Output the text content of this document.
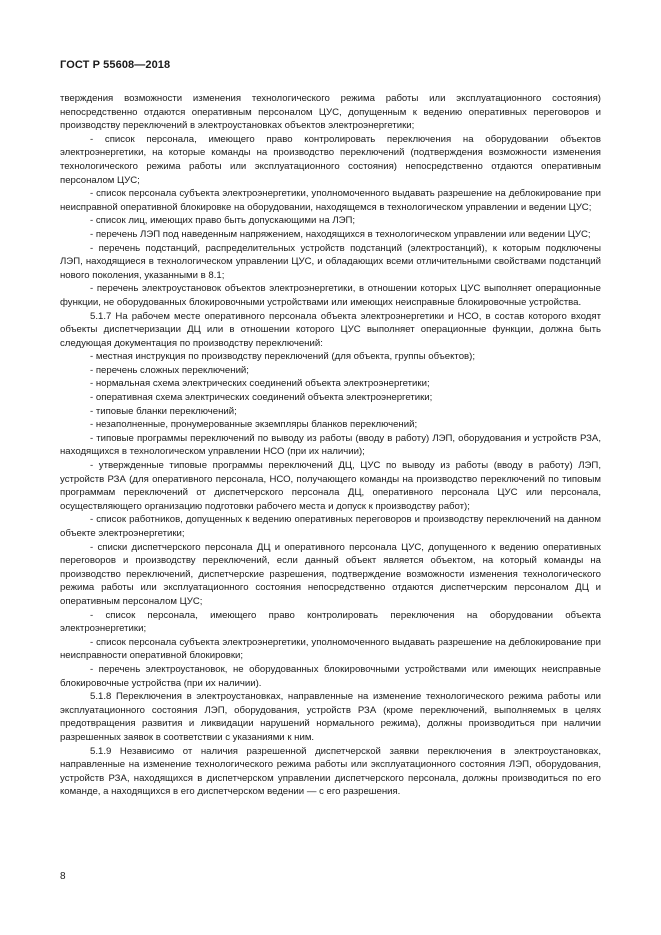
ГОСТ Р 55608—2018

тверждения возможности изменения технологического режима работы или эксплуатационного состояния) непосредственно отдаются оперативным персоналом ЦУС, допущенным к ведению оперативных переговоров и производству переключений в электроустановках объектов электроэнергетики;

- список персонала, имеющего право контролировать переключения на оборудовании объектов электроэнергетики, на которые команды на производство переключений (подтверждения возможности изменения технологического режима работы или эксплуатационного состояния) непосредственно отдаются оперативным персоналом ЦУС;

- список персонала субъекта электроэнергетики, уполномоченного выдавать разрешение на деблокирование при неисправной оперативной блокировке на оборудовании, находящемся в технологическом управлении и ведении ЦУС;

- список лиц, имеющих право быть допускающими на ЛЭП;

- перечень ЛЭП под наведенным напряжением, находящихся в технологическом управлении или ведении ЦУС;

- перечень подстанций, распределительных устройств подстанций (электростанций), к которым подключены ЛЭП, находящиеся в технологическом управлении ЦУС, и обладающих всеми отличительными свойствами подстанций нового поколения, указанными в 8.1;

- перечень электроустановок объектов электроэнергетики, в отношении которых ЦУС выполняет операционные функции, не оборудованных блокировочными устройствами или имеющих неисправные блокировочные устройства.

5.1.7 На рабочем месте оперативного персонала объекта электроэнергетики и НСО, в состав которого входят объекты диспетчеризации ДЦ или в отношении которого ЦУС выполняет операционные функции, должна быть следующая документация по производству переключений:

- местная инструкция по производству переключений (для объекта, группы объектов);

- перечень сложных переключений;

- нормальная схема электрических соединений объекта электроэнергетики;

- оперативная схема электрических соединений объекта электроэнергетики;

- типовые бланки переключений;

- незаполненные, пронумерованные экземпляры бланков переключений;

- типовые программы переключений по выводу из работы (вводу в работу) ЛЭП, оборудования и устройств РЗА, находящихся в технологическом управлении НСО (при их наличии);

- утвержденные типовые программы переключений ДЦ, ЦУС по выводу из работы (вводу в работу) ЛЭП, устройств РЗА (для оперативного персонала, НСО, получающего команды на производство переключений по типовым программам переключений от диспетчерского персонала ДЦ, оперативного персонала ЦУС или персонала, осуществляющего организацию подготовки рабочего места и допуск к производству работ);

- список работников, допущенных к ведению оперативных переговоров и производству переключений на данном объекте электроэнергетики;

- списки диспетчерского персонала ДЦ и оперативного персонала ЦУС, допущенного к ведению оперативных переговоров и производству переключений, если данный объект является объектом, на который команды на производство переключений, диспетчерские разрешения, подтверждение возможности изменения технологического режима работы или эксплуатационного состояния непосредственно отдаются диспетчерским персоналом ДЦ и оперативным персоналом ЦУС;

- список персонала, имеющего право контролировать переключения на оборудовании объекта электроэнергетики;

- список персонала субъекта электроэнергетики, уполномоченного выдавать разрешение на деблокирование при неисправности оперативной блокировки;

- перечень электроустановок, не оборудованных блокировочными устройствами или имеющих неисправные блокировочные устройства (при их наличии).

5.1.8 Переключения в электроустановках, направленные на изменение технологического режима работы или эксплуатационного состояния ЛЭП, оборудования, устройств РЗА (кроме переключений, выполняемых в целях предотвращения развития и ликвидации нарушений нормального режима), должны производиться при наличии разрешенных заявок в соответствии с указаниями к ним.

5.1.9 Независимо от наличия разрешенной диспетчерской заявки переключения в электроустановках, направленные на изменение технологического режима работы или эксплуатационного состояния ЛЭП, оборудования, устройств РЗА, находящихся в диспетчерском управлении диспетчерского персонала, должны производиться по его команде, а находящихся в его диспетчерском ведении — с его разрешения.

8
